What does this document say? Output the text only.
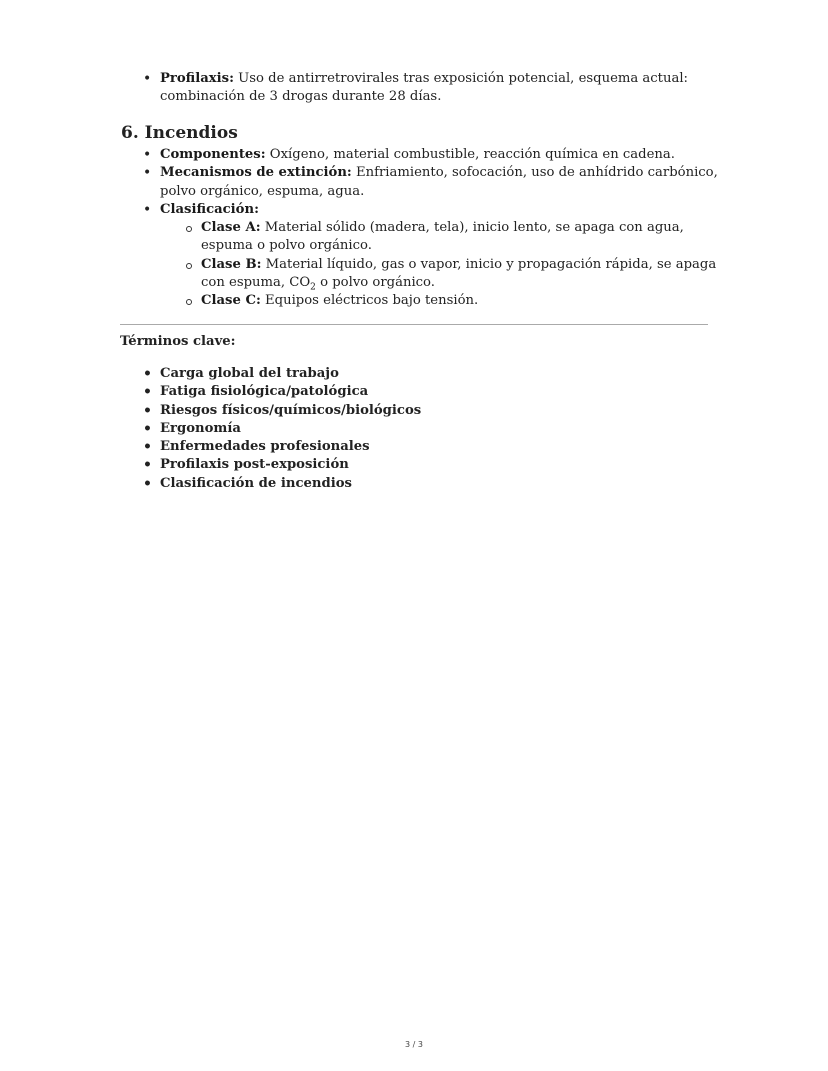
• Profilaxis: Uso de antirretrovirales tras exposición potencial, esquema actual: combinación de 3 drogas durante 28 días.
6. Incendios
• Componentes: Oxígeno, material combustible, reacción química en cadena.
• Mecanismos de extinción: Enfriamiento, sofocación, uso de anhídrido carbónico, polvo orgánico, espuma, agua.
• Clasificación:
Clase A: Material sólido (madera, tela), inicio lento, se apaga con agua, espuma o polvo orgánico.
Clase B: Material líquido, gas o vapor, inicio y propagación rápida, se apaga con espuma, $CO_2$ o polvo orgánico.
Clase C: Equipos eléctricos bajo tensión.
Términos clave:
• Carga global del trabajo
• Fatiga fisiológica/patológica
• Riesgos físicos/químicos/biológicos
• Ergonomía
• Enfermedades profesionales
• Profilaxis post-exposición
• Clasificación de incendios
3 / 3
